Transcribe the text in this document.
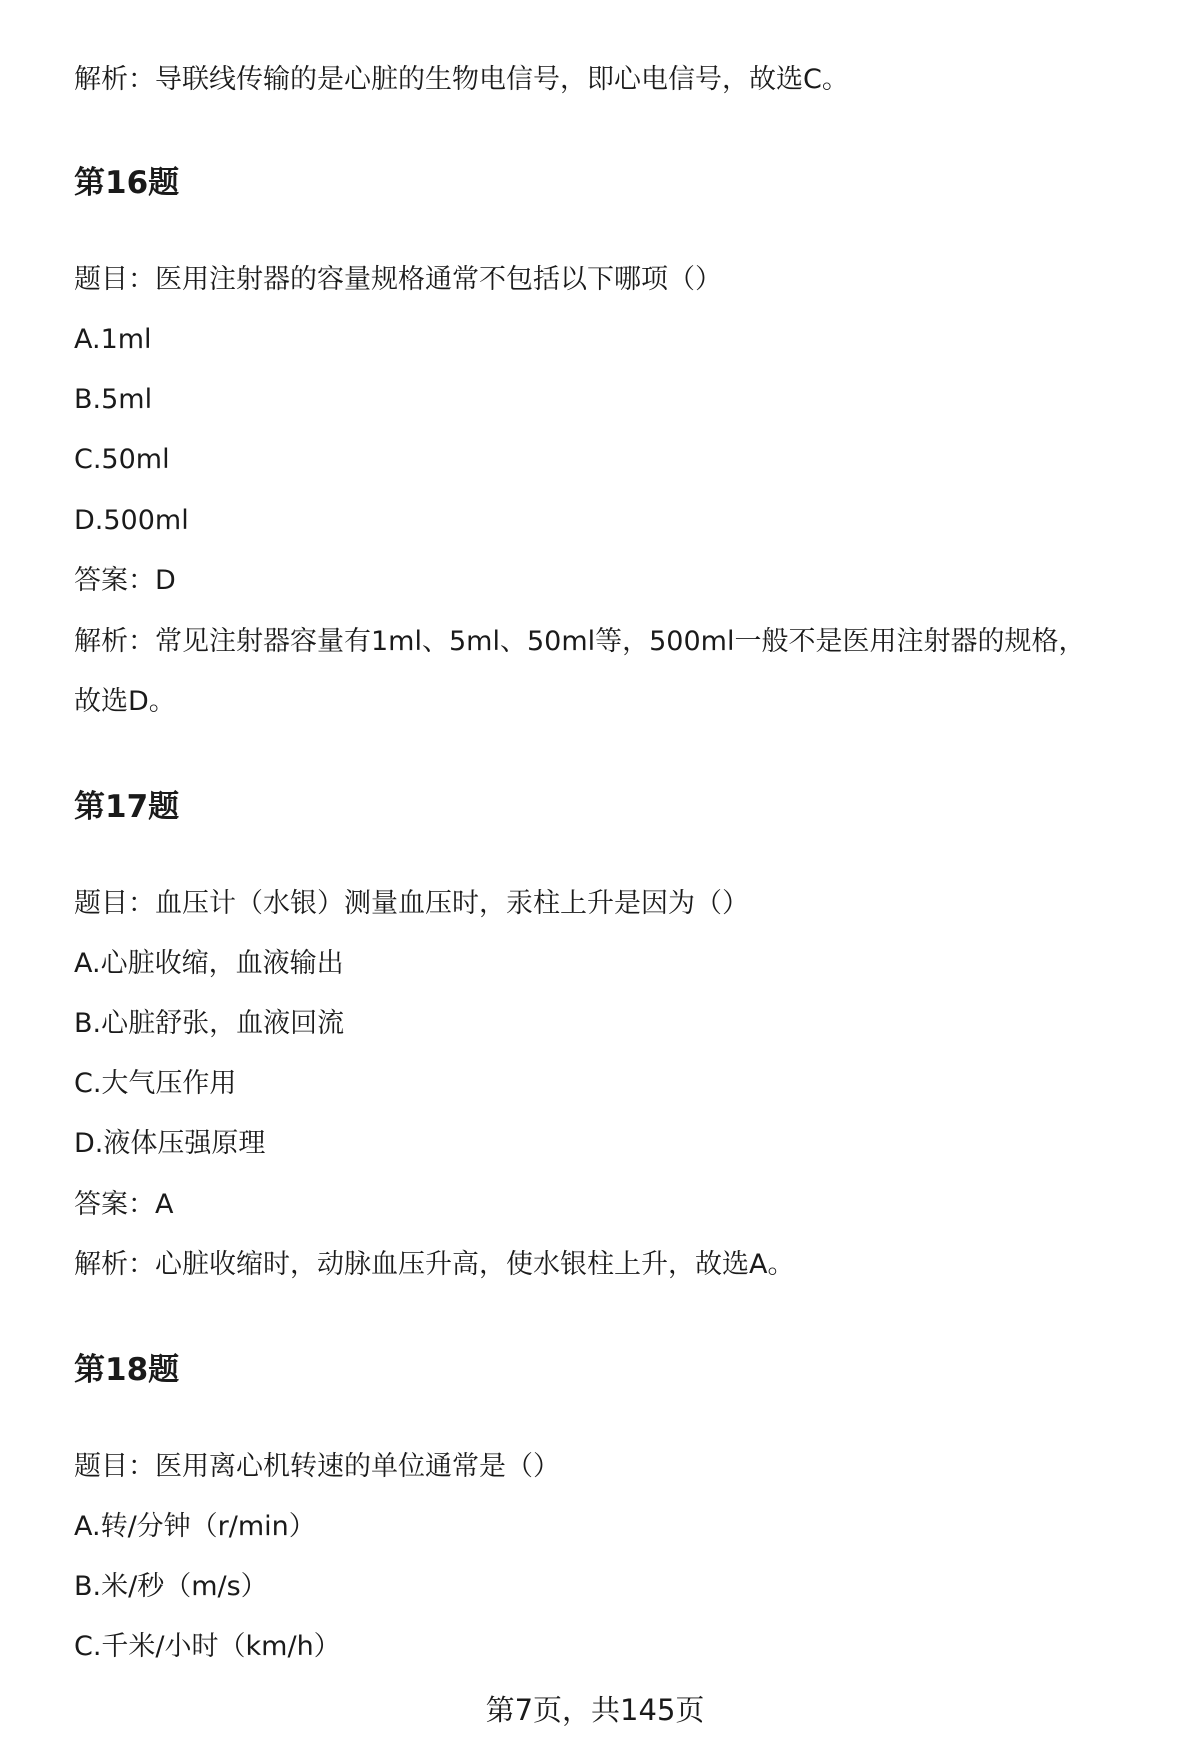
解析：导联线传输的是心脏的生物电信号，即心电信号，故选C。
第16题
题目：医用注射器的容量规格通常不包括以下哪项（）
A.1ml
B.5ml
C.50ml
D.500ml
答案：D
解析：常见注射器容量有1ml、5ml、50ml等，500ml一般不是医用注射器的规格，
故选D。
第17题
题目：血压计（水银）测量血压时，汞柱上升是因为（）
A.心脏收缩，血液输出
B.心脏舒张，血液回流
C.大气压作用
D.液体压强原理
答案：A
解析：心脏收缩时，动脉血压升高，使水银柱上升，故选A。
第18题
题目：医用离心机转速的单位通常是（）
A.转/分钟（r/min）
B.米/秒（m/s）
C.千米/小时（km/h）
第7页，共145页
